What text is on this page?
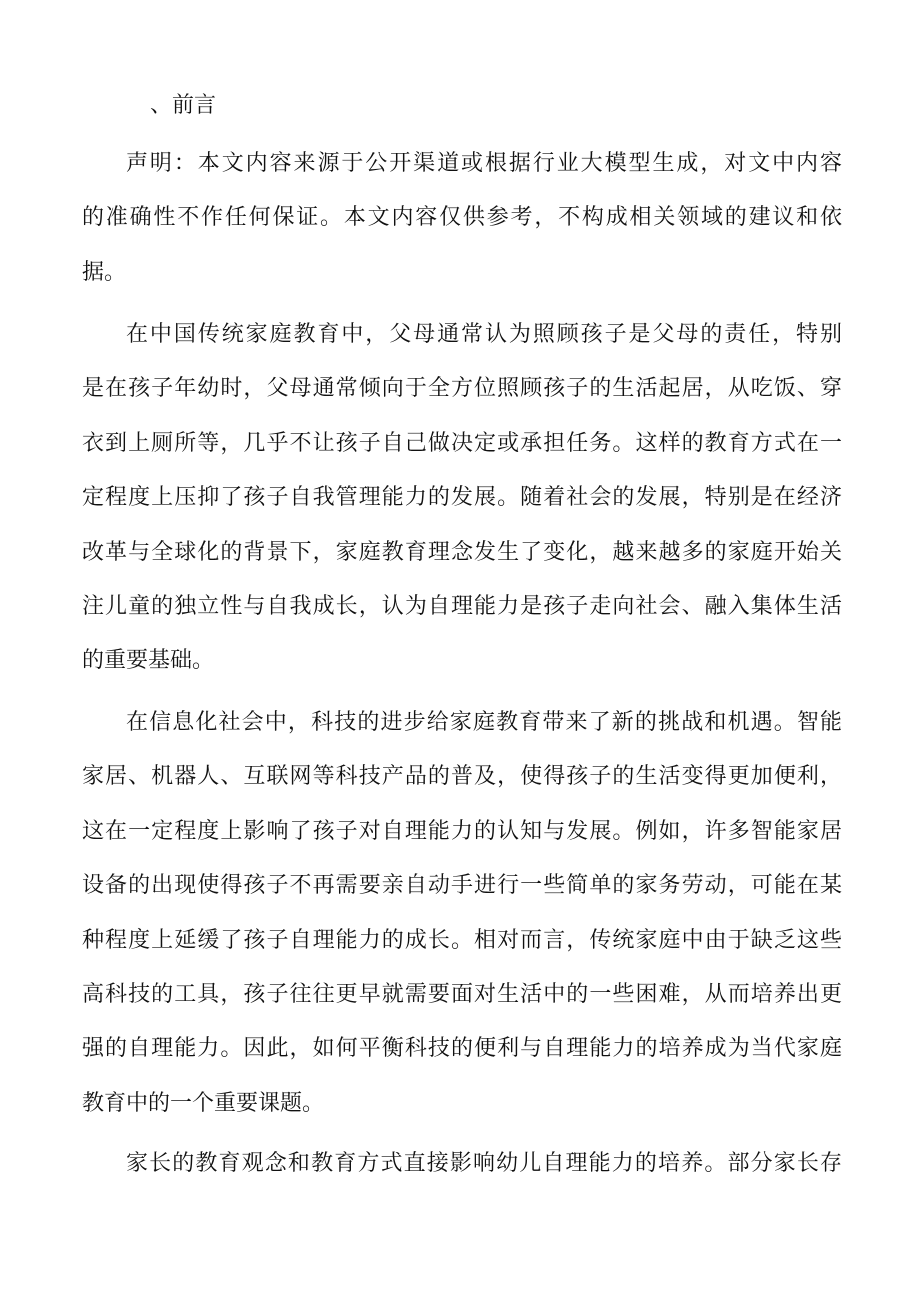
、前言

声明：本文内容来源于公开渠道或根据行业大模型生成，对文中内容
的准确性不作任何保证。本文内容仅供参考，不构成相关领域的建议和依
据。

在中国传统家庭教育中，父母通常认为照顾孩子是父母的责任，特别
是在孩子年幼时，父母通常倾向于全方位照顾孩子的生活起居，从吃饭、穿
衣到上厕所等，几乎不让孩子自己做决定或承担任务。这样的教育方式在一
定程度上压抑了孩子自我管理能力的发展。随着社会的发展，特别是在经济
改革与全球化的背景下，家庭教育理念发生了变化，越来越多的家庭开始关
注儿童的独立性与自我成长，认为自理能力是孩子走向社会、融入集体生活
的重要基础。

在信息化社会中，科技的进步给家庭教育带来了新的挑战和机遇。智能
家居、机器人、互联网等科技产品的普及，使得孩子的生活变得更加便利，
这在一定程度上影响了孩子对自理能力的认知与发展。例如，许多智能家居
设备的出现使得孩子不再需要亲自动手进行一些简单的家务劳动，可能在某
种程度上延缓了孩子自理能力的成长。相对而言，传统家庭中由于缺乏这些
高科技的工具，孩子往往更早就需要面对生活中的一些困难，从而培养出更
强的自理能力。因此，如何平衡科技的便利与自理能力的培养成为当代家庭
教育中的一个重要课题。

家长的教育观念和教育方式直接影响幼儿自理能力的培养。部分家长存
